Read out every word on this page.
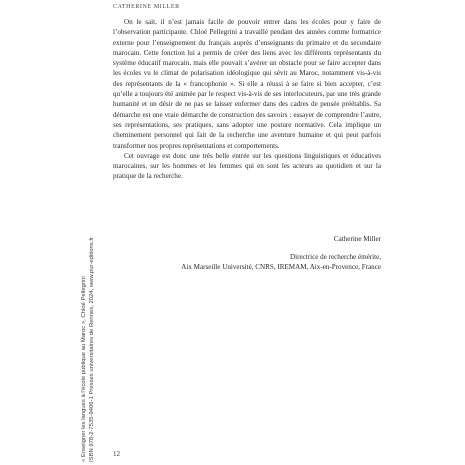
CATHERINE MILLER

On le sait, il n’est jamais facile de pouvoir entrer dans les écoles pour y faire de l’observation participante. Chloé Pellegrini a travaillé pendant des années comme formatrice externe pour l’enseignement du français auprès d’enseignants du primaire et du secondaire marocain. Cette fonction lui a permis de créer des liens avec les différents représentants du système éducatif marocain, mais elle pouvait s’avérer un obstacle pour se faire accepter dans les écoles vu le climat de polarisation idéologique qui sévit au Maroc, notamment vis-à-vis des représentants de la « francophonie ». Si elle a réussi à se faire si bien accepter, c’est qu’elle a toujours été animée par le respect vis-à-vis de ses interlocuteurs, par une très grande humanité et un désir de ne pas se laisser enfermer dans des cadres de pensée préétablis. Sa démarche est une vraie démarche de construction des savoirs : essayer de comprendre l’autre, ses représentations, ses pratiques, sans adopter une posture normative. Cela implique un cheminement personnel qui fait de la recherche une aventure humaine et qui peut parfois transformer nos propres représentations et comportements.

Cet ouvrage est donc une très belle entrée sur les questions linguistiques et éducatives marocaines, sur les hommes et les femmes qui en sont les acteurs au quotidien et sur la pratique de la recherche.

Catherine Miller
Directrice de recherche émérite,
Aix Marseille Université, CNRS, IREMAM, Aix-en-Provence, France
« Enseigner les langues à l’école publique au Maroc », Chloé Pellegrini ISBN 978-2-7535-9406-1 Presses universitaires de Rennes, 2024, www.pur-editions.fr	12
